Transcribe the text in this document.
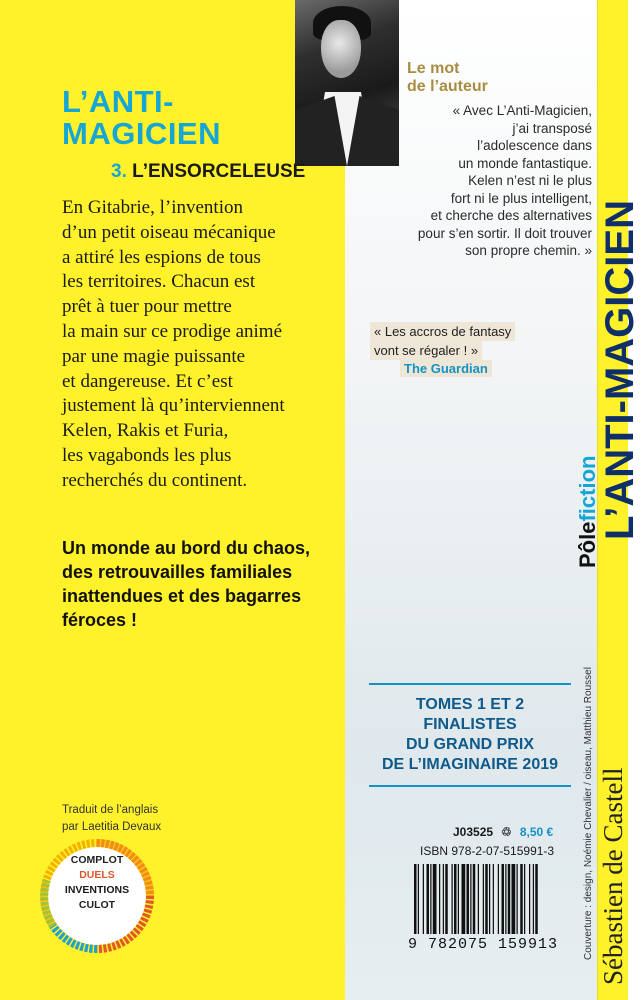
L’ANTI-
MAGICIEN
3. L’ENSORCELEUSE
Le mot
de l’auteur

« Avec L’Anti-Magicien,

j’ai transposé

l’adolescence dans

un monde fantastique.

Kelen n’est ni le plus

fort ni le plus intelligent,

et cherche des alternatives

pour s’en sortir. Il doit trouver

son propre chemin. »

« Les accros de fantasy
vont se régaler ! »
The Guardian

En Gitabrie, l’invention

d’un petit oiseau mécanique

a attiré les espions de tous

les territoires. Chacun est

prêt à tuer pour mettre

la main sur ce prodige animé

par une magie puissante

et dangereuse. Et c’est

justement là qu’interviennent

Kelen, Rakis et Furia,

les vagabonds les plus

recherchés du continent.

Un monde au bord du chaos,
des retrouvailles familiales
inattendues et des bagarres
féroces !
Traduit de l’anglais
par Laetitia Devaux
COMPLOT
DUELS
INVENTIONS
CULOT
TOMES 1 ET 2
FINALISTES
DU GRAND PRIX
DE L’IMAGINAIRE 2019
Pôlefiction
Couverture : design, Noémie Chevalier / oiseau, Matthieu Roussel
L’ANTI-MAGICIEN
Sébastien de Castell
J03525 ♲ 8,50 €
ISBN 978-2-07-515991-3
9 782075 159913
